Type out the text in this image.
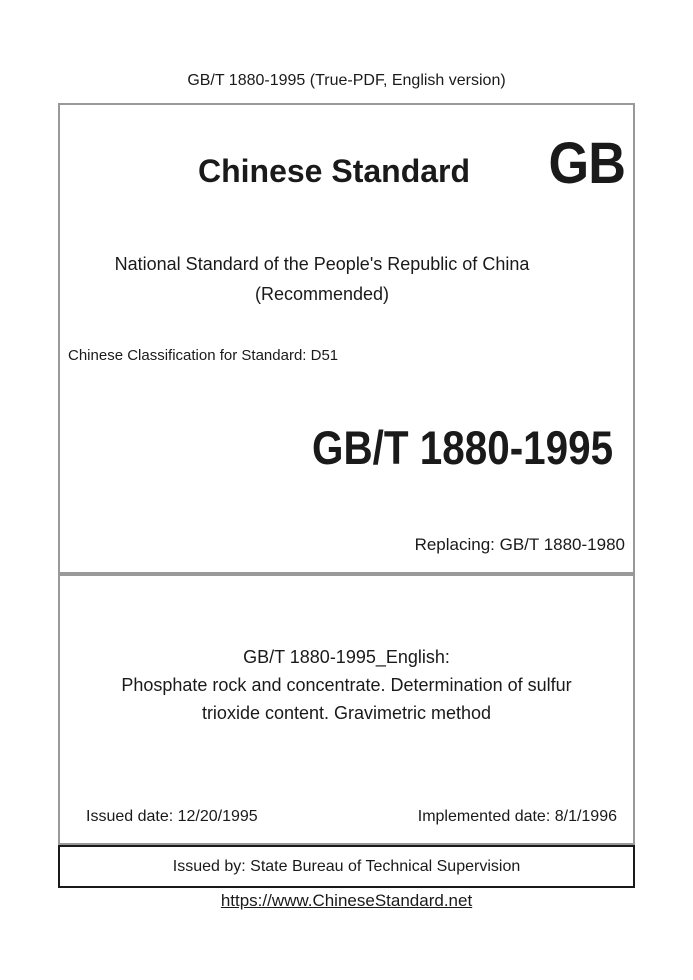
GB/T 1880-1995 (True-PDF, English version)
Chinese Standard	GB
National Standard of the People's Republic of China
(Recommended)
Chinese Classification for Standard: D51
GB/T 1880-1995
Replacing: GB/T 1880-1980
GB/T 1880-1995_English:
Phosphate rock and concentrate. Determination of sulfur
trioxide content. Gravimetric method
Issued date: 12/20/1995	Implemented date: 8/1/1996
Issued by: State Bureau of Technical Supervision
https://www.ChineseStandard.net
